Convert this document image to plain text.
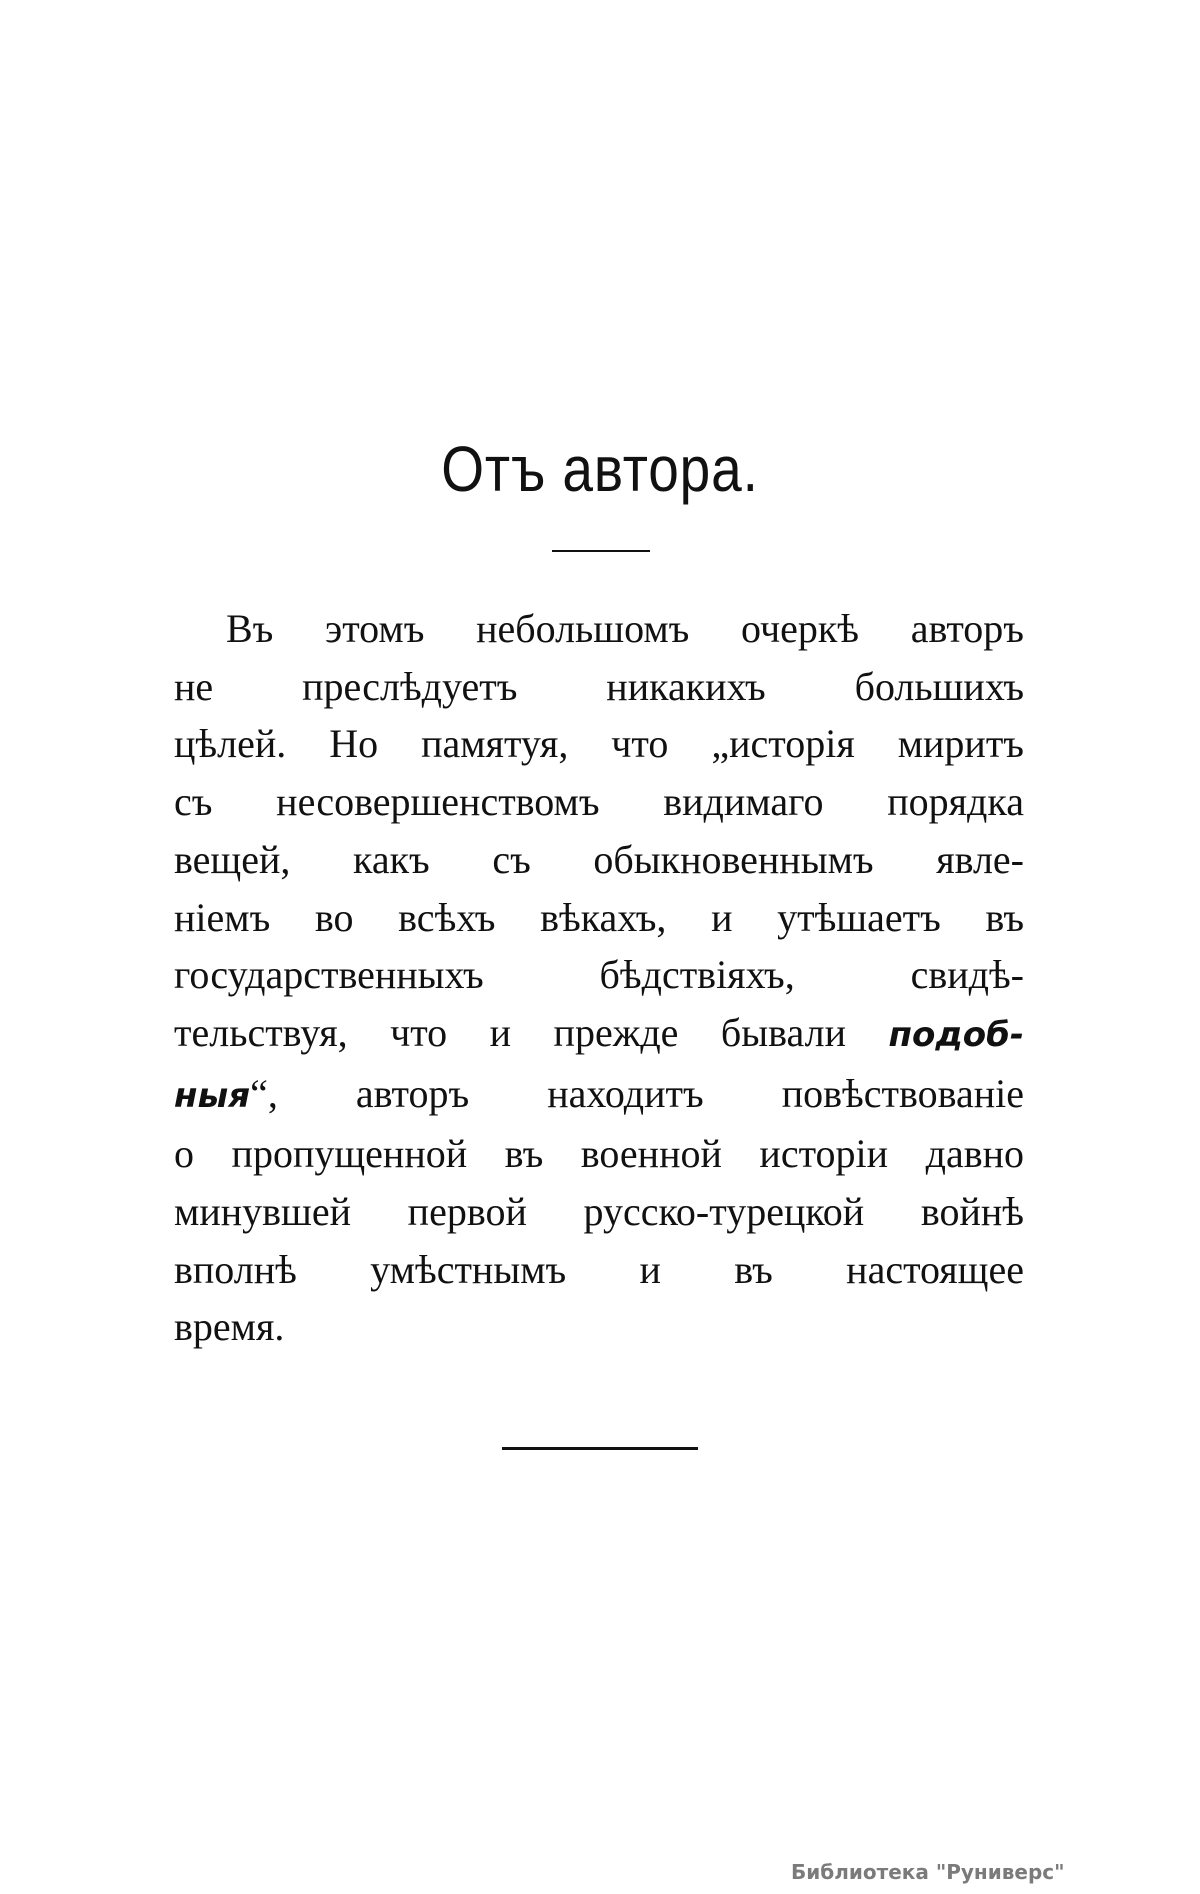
Отъ автора.
Въ этомъ небольшомъ очеркѣ авторъ
не преслѣдуетъ никакихъ большихъ
цѣлей. Но памятуя, что „исторія миритъ
съ несовершенствомъ видимаго порядка
вещей, какъ съ обыкновеннымъ явле-
ніемъ во всѣхъ вѣкахъ, и утѣшаетъ въ
государственныхъ бѣдствіяхъ, свидѣ-
тельствуя, что и прежде бывали подоб-
ныя“, авторъ находитъ повѣствованіе
о пропущенной въ военной исторіи давно
минувшей первой русско-турецкой войнѣ
вполнѣ умѣстнымъ и въ настоящее
время.
Библиотека "Руниверс"
